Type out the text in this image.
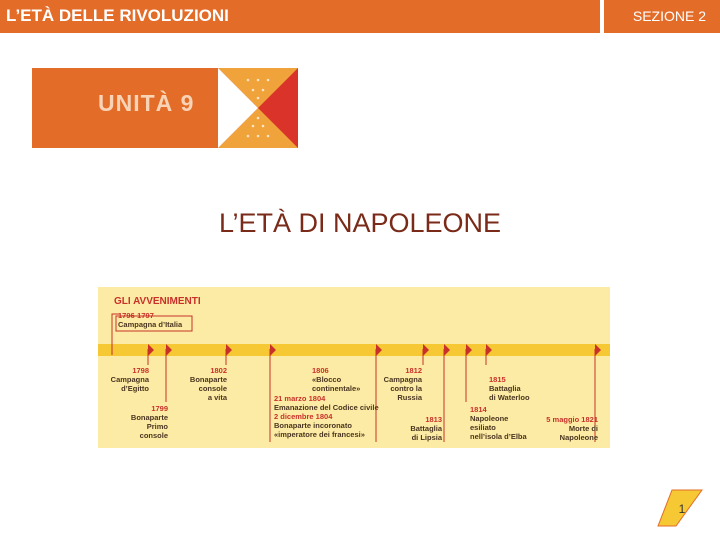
L’ETÀ DELLE RIVOLUZIONI	SEZIONE 2
UNITÀ 9
L’ETÀ DI NAPOLEONE
GLI AVVENIMENTI
1796-1797
Campagna d’Italia
1798
Campagna
d’Egitto
1799
Bonaparte
Primo
console
1802
Bonaparte
console
a vita	21 marzo 1804
Emanazione del Codice civile
2 dicembre 1804
Bonaparte incoronato
«imperatore dei francesi»
1806
«Blocco
continentale»
1812
Campagna
contro la
Russia
1813
Battaglia
di Lipsia
1814
Napoleone
esiliato
nell’isola d’Elba
1815
Battaglia
di Waterloo
5 maggio 1821
Morte di
Napoleone
1
